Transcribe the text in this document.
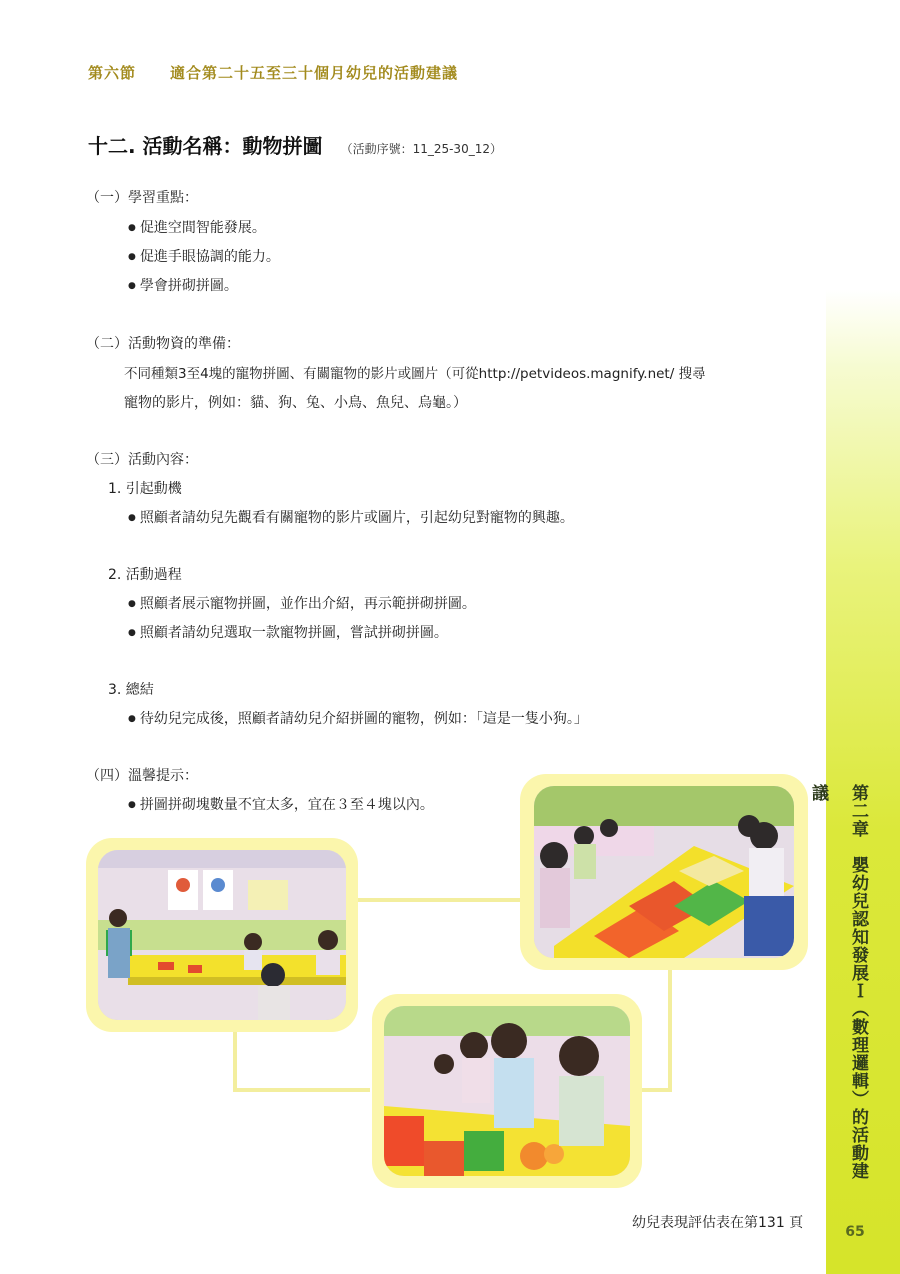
第六節 適合第二十五至三十個月幼兒的活動建議
十二. 活動名稱：動物拼圖 （活動序號：11_25-30_12）
（一）學習重點：
● 促進空間智能發展。
● 促進手眼協調的能力。
● 學會拼砌拼圖。
（二）活動物資的準備：
不同種類3至4塊的寵物拼圖、有關寵物的影片或圖片（可從http://petvideos.magnify.net/ 搜尋
寵物的影片，例如：貓、狗、兔、小鳥、魚兒、烏龜。）
（三）活動內容：
1. 引起動機
● 照顧者請幼兒先觀看有關寵物的影片或圖片，引起幼兒對寵物的興趣。
2. 活動過程
● 照顧者展示寵物拼圖，並作出介紹，再示範拼砌拼圖。
● 照顧者請幼兒選取一款寵物拼圖，嘗試拼砌拼圖。
3. 總結
● 待幼兒完成後，照顧者請幼兒介紹拼圖的寵物，例如：「這是一隻小狗。」
（四）溫馨提示：
● 拼圖拼砌塊數量不宜太多，宜在３至４塊以內。	第二章　嬰幼兒認知發展Ｉ（數理邏輯）的活動建議
65
幼兒表現評估表在第131 頁
